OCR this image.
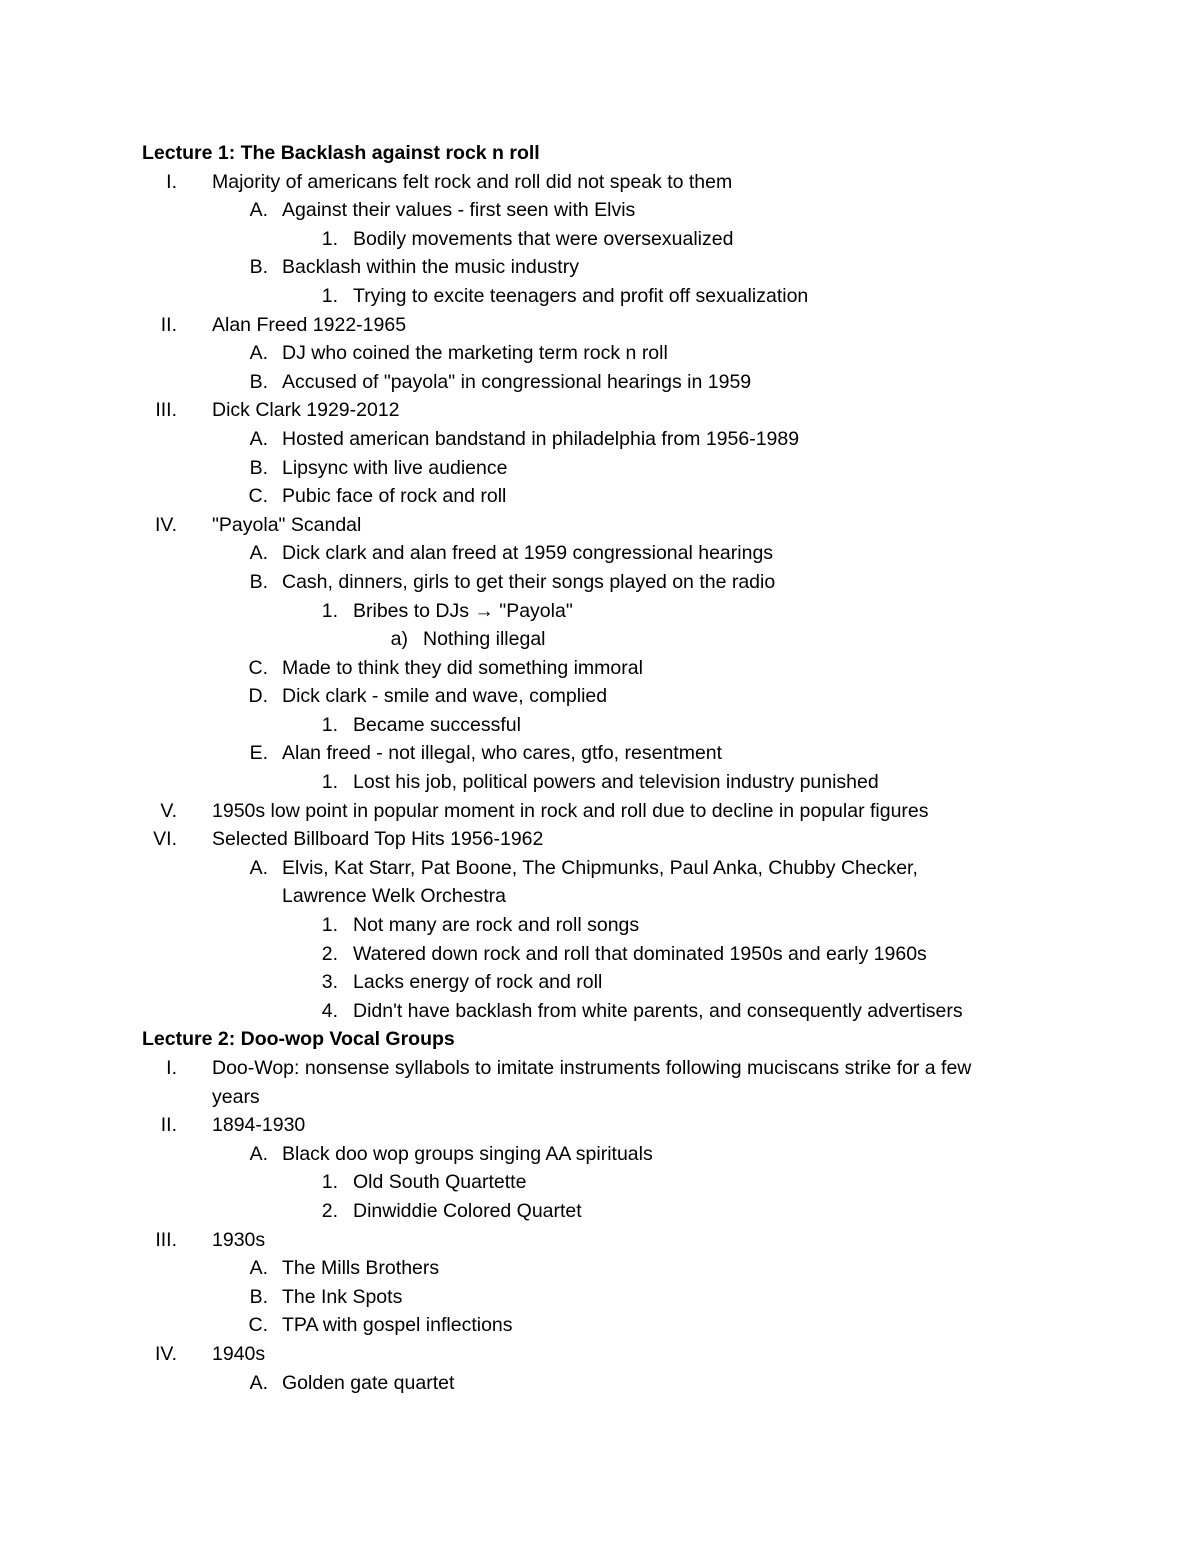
Lecture 1: The Backlash against rock n roll
I. Majority of americans felt rock and roll did not speak to them
A. Against their values - first seen with Elvis
1. Bodily movements that were oversexualized
B. Backlash within the music industry
1. Trying to excite teenagers and profit off sexualization
II. Alan Freed 1922-1965
A. DJ who coined the marketing term rock n roll
B. Accused of "payola" in congressional hearings in 1959
III. Dick Clark 1929-2012
A. Hosted american bandstand in philadelphia from 1956-1989
B. Lipsync with live audience
C. Pubic face of rock and roll
IV. "Payola" Scandal
A. Dick clark and alan freed at 1959 congressional hearings
B. Cash, dinners, girls to get their songs played on the radio
1. Bribes to DJs → "Payola"
a) Nothing illegal
C. Made to think they did something immoral
D. Dick clark - smile and wave, complied
1. Became successful
E. Alan freed - not illegal, who cares, gtfo, resentment
1. Lost his job, political powers and television industry punished
V. 1950s low point in popular moment in rock and roll due to decline in popular figures
VI. Selected Billboard Top Hits 1956-1962
A. Elvis, Kat Starr, Pat Boone, The Chipmunks, Paul Anka, Chubby Checker,
Lawrence Welk Orchestra
1. Not many are rock and roll songs
2. Watered down rock and roll that dominated 1950s and early 1960s
3. Lacks energy of rock and roll
4. Didn't have backlash from white parents, and consequently advertisers
Lecture 2: Doo-wop Vocal Groups
I. Doo-Wop: nonsense syllabols to imitate instruments following muciscans strike for a few
years
II. 1894-1930
A. Black doo wop groups singing AA spirituals
1. Old South Quartette
2. Dinwiddie Colored Quartet
III. 1930s
A. The Mills Brothers
B. The Ink Spots
C. TPA with gospel inflections
IV. 1940s
A. Golden gate quartet
